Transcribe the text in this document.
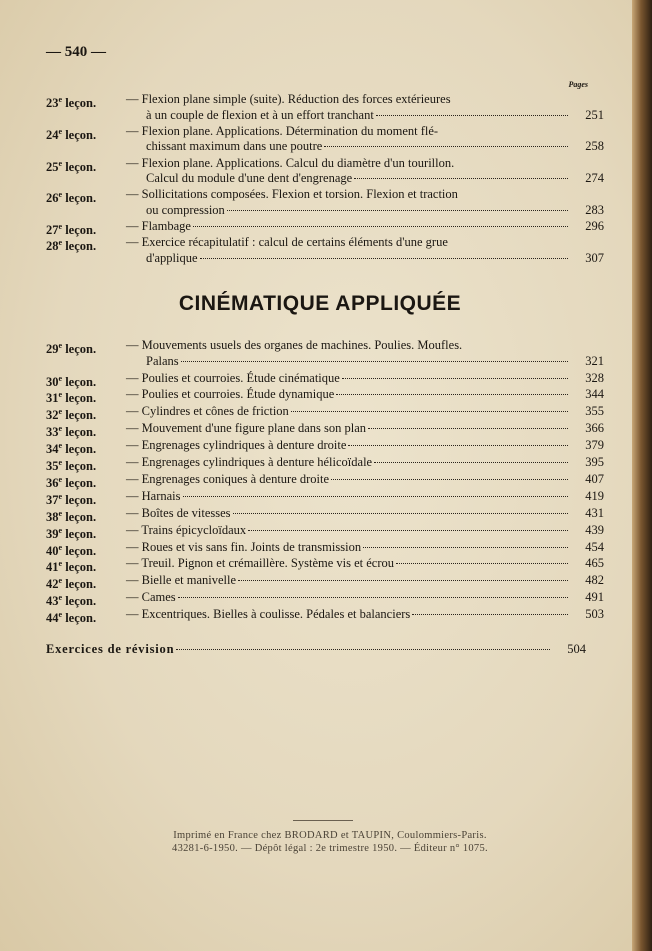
— 540 —
Pages
23e leçon.	— Flexion plane simple (suite). Réduction des forces extérieures
à un couple de flexion et à un effort tranchant	251
24e leçon.	— Flexion plane. Applications. Détermination du moment flé-
chissant maximum dans une poutre	258
25e leçon.	— Flexion plane. Applications. Calcul du diamètre d'un tourillon.
Calcul du module d'une dent d'engrenage	274
26e leçon.	— Sollicitations composées. Flexion et torsion. Flexion et traction
ou compression	283
27e leçon.	— Flambage	296
28e leçon.	— Exercice récapitulatif : calcul de certains éléments d'une grue
d'applique	307
CINÉMATIQUE APPLIQUÉE
29e leçon.	— Mouvements usuels des organes de machines. Poulies. Moufles.
Palans	321
30e leçon.	— Poulies et courroies. Étude cinématique	328
31e leçon.	— Poulies et courroies. Étude dynamique	344
32e leçon.	— Cylindres et cônes de friction	355
33e leçon.	— Mouvement d'une figure plane dans son plan	366
34e leçon.	— Engrenages cylindriques à denture droite	379
35e leçon.	— Engrenages cylindriques à denture hélicoïdale	395
36e leçon.	— Engrenages coniques à denture droite	407
37e leçon.	— Harnais	419
38e leçon.	— Boîtes de vitesses	431
39e leçon.	— Trains épicycloïdaux	439
40e leçon.	— Roues et vis sans fin. Joints de transmission	454
41e leçon.	— Treuil. Pignon et crémaillère. Système vis et écrou	465
42e leçon.	— Bielle et manivelle	482
43e leçon.	— Cames	491
44e leçon.	— Excentriques. Bielles à coulisse. Pédales et balanciers	503
Exercices de révision	504
Imprimé en France chez BRODARD et TAUPIN, Coulommiers-Paris.
43281-6-1950. — Dépôt légal : 2e trimestre 1950. — Éditeur n° 1075.
